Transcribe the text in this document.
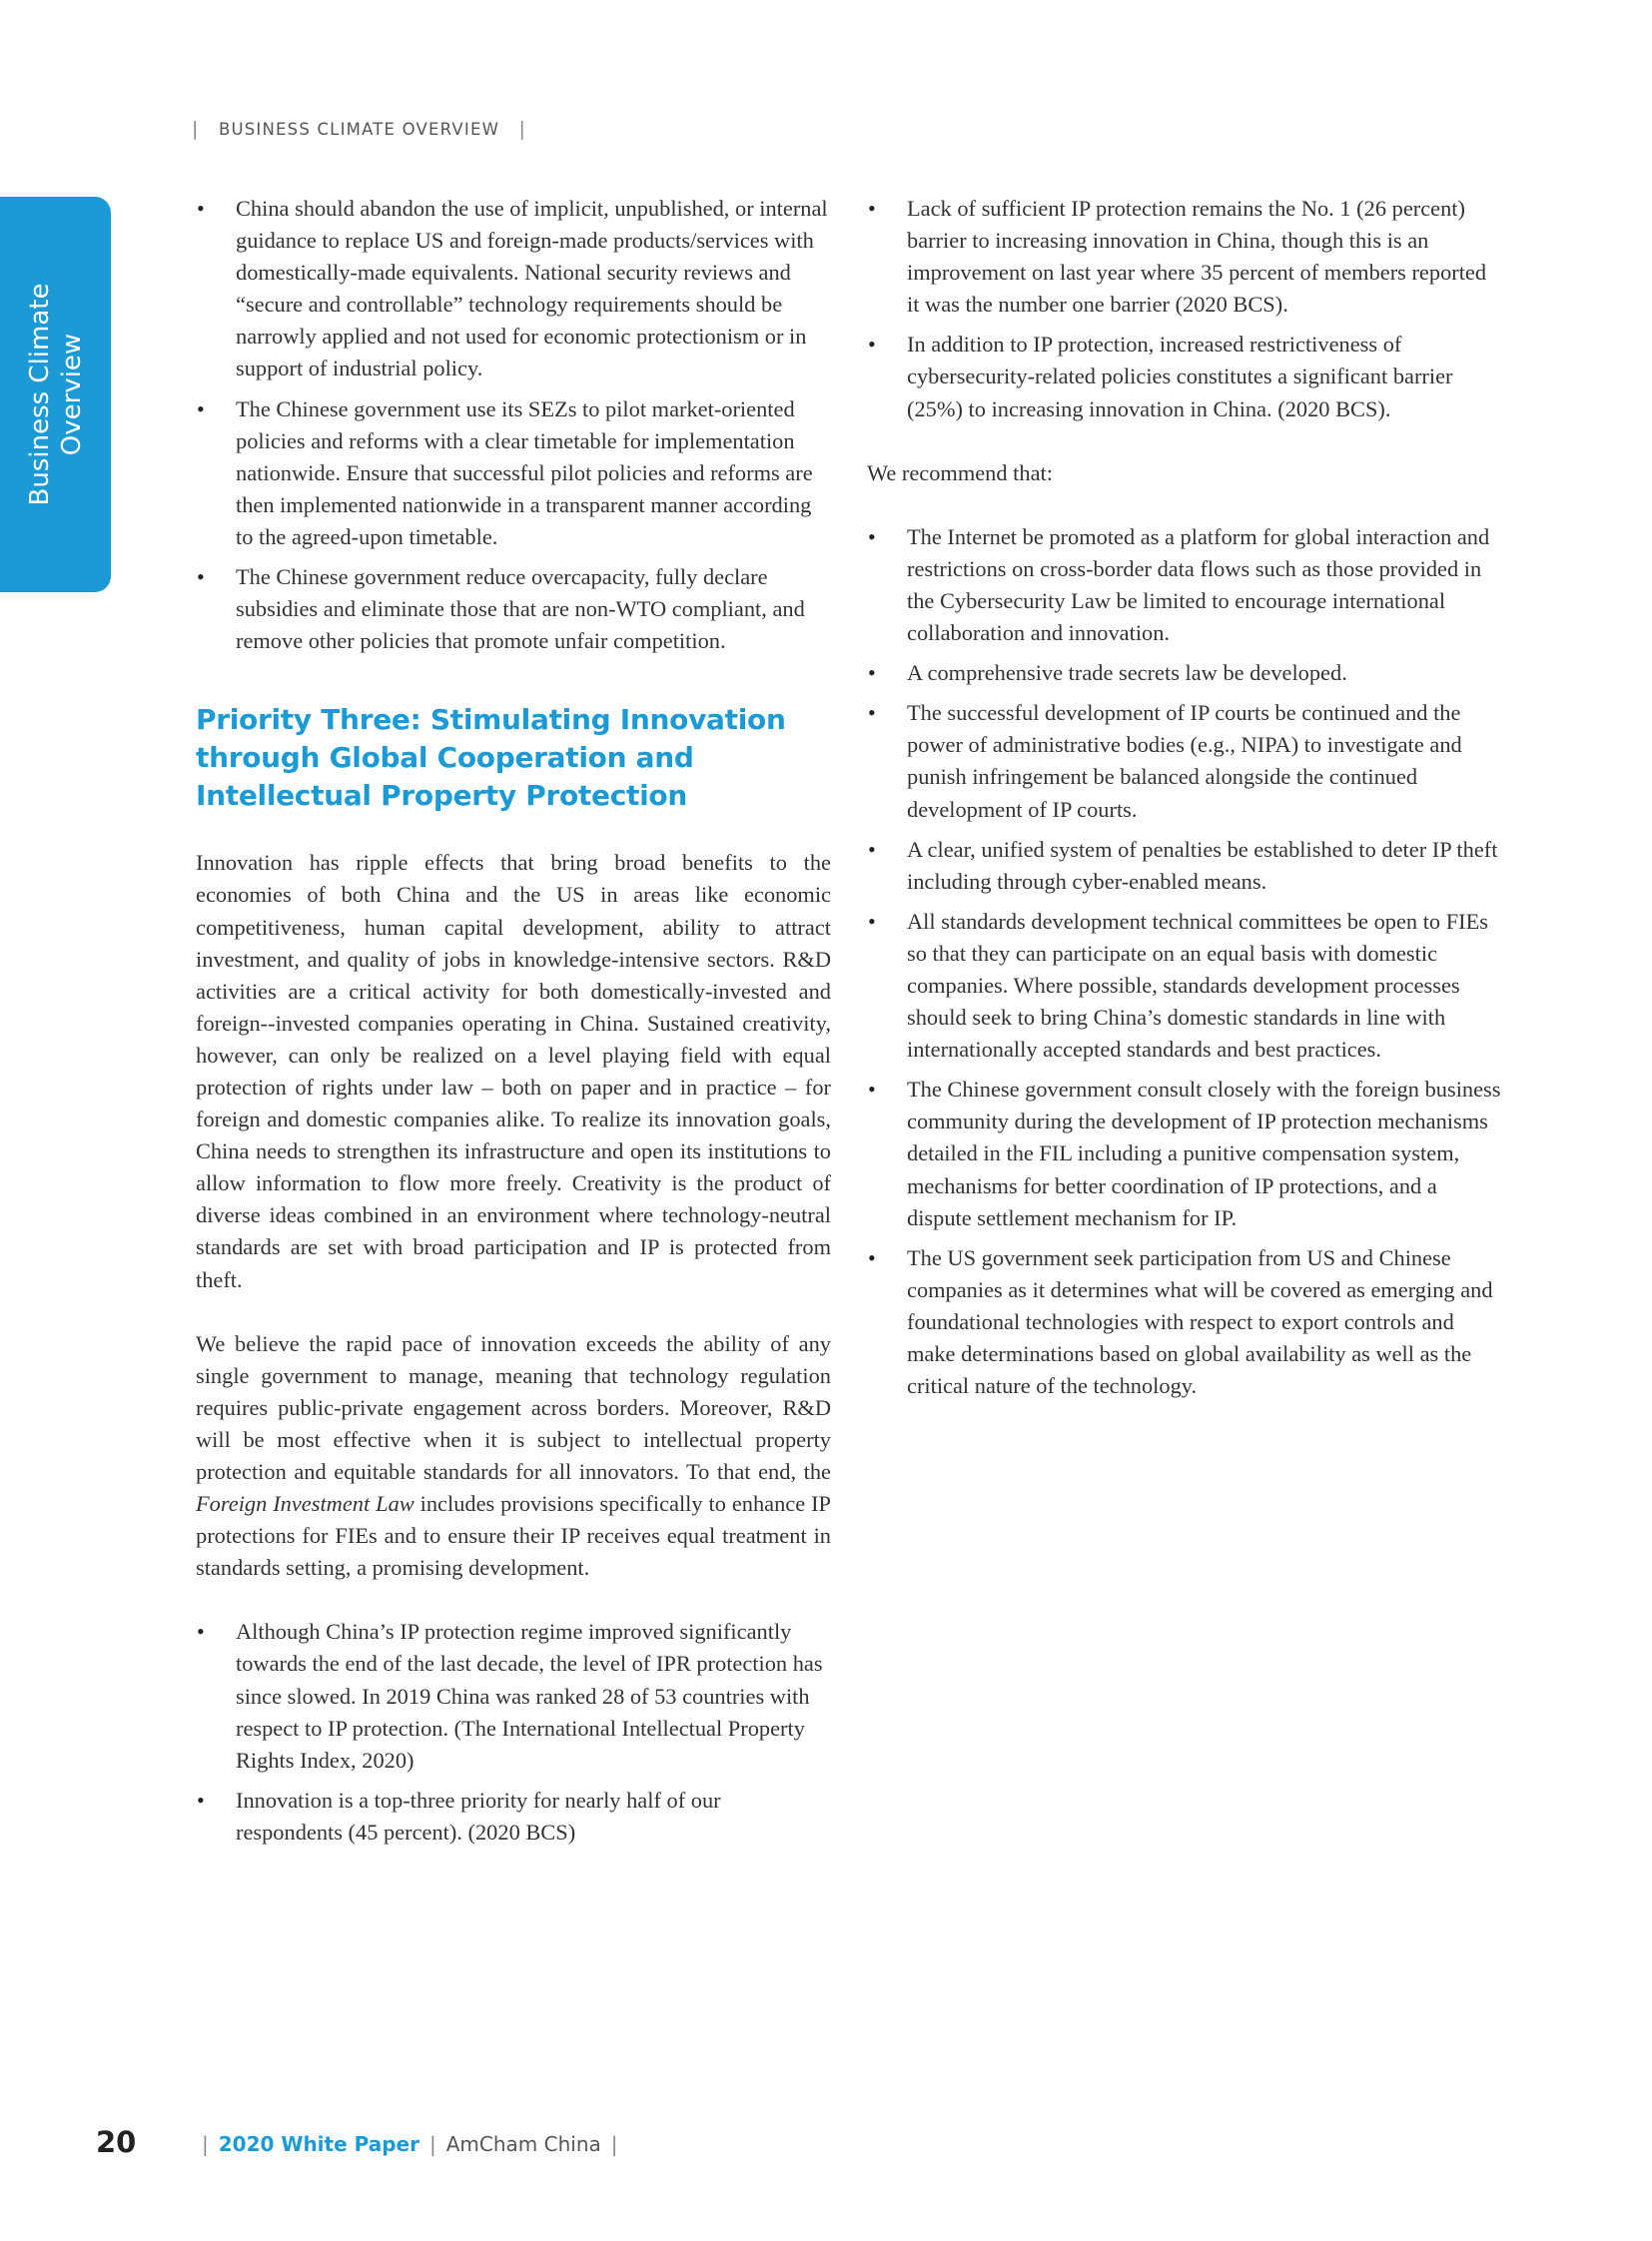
| BUSINESS CLIMATE OVERVIEW |
Business Climate Overview
• China should abandon the use of implicit, unpublished, or internal guidance to replace US and foreign-made products/services with domestically-made equivalents. National security reviews and “secure and controllable” technology requirements should be narrowly applied and not used for economic protectionism or in support of industrial policy.
• The Chinese government use its SEZs to pilot market-oriented policies and reforms with a clear timetable for implementation nationwide. Ensure that successful pilot policies and reforms are then implemented nationwide in a transparent manner according to the agreed-upon timetable.
• The Chinese government reduce overcapacity, fully declare subsidies and eliminate those that are non-WTO compliant, and remove other policies that promote unfair competition.
Priority Three: Stimulating Innovation through Global Cooperation and Intellectual Property Protection

Innovation has ripple effects that bring broad benefits to the economies of both China and the US in areas like economic competitiveness, human capital development, ability to attract investment, and quality of jobs in knowledge-intensive sectors. R&D activities are a critical activity for both domestically-invested and foreign--invested companies operating in China. Sustained creativity, however, can only be realized on a level playing field with equal protection of rights under law – both on paper and in practice – for foreign and domestic companies alike. To realize its innovation goals, China needs to strengthen its infrastructure and open its institutions to allow information to flow more freely. Creativity is the product of diverse ideas combined in an environment where technology-neutral standards are set with broad participation and IP is protected from theft.

We believe the rapid pace of innovation exceeds the ability of any single government to manage, meaning that technology regulation requires public-private engagement across borders. Moreover, R&D will be most effective when it is subject to intellectual property protection and equitable standards for all innovators. To that end, the Foreign Investment Law includes provisions specifically to enhance IP protections for FIEs and to ensure their IP receives equal treatment in standards setting, a promising development.

• Although China’s IP protection regime improved significantly towards the end of the last decade, the level of IPR protection has since slowed. In 2019 China was ranked 28 of 53 countries with respect to IP protection. (The International Intellectual Property Rights Index, 2020)
• Innovation is a top-three priority for nearly half of our respondents (45 percent). (2020 BCS)
• Lack of sufficient IP protection remains the No. 1 (26 percent) barrier to increasing innovation in China, though this is an improvement on last year where 35 percent of members reported it was the number one barrier (2020 BCS).
• In addition to IP protection, increased restrictiveness of cybersecurity-related policies constitutes a significant barrier (25%) to increasing innovation in China. (2020 BCS).

We recommend that:

• The Internet be promoted as a platform for global interaction and restrictions on cross-border data flows such as those provided in the Cybersecurity Law be limited to encourage international collaboration and innovation.
• A comprehensive trade secrets law be developed.
• The successful development of IP courts be continued and the power of administrative bodies (e.g., NIPA) to investigate and punish infringement be balanced alongside the continued development of IP courts.
• A clear, unified system of penalties be established to deter IP theft including through cyber-enabled means.
• All standards development technical committees be open to FIEs so that they can participate on an equal basis with domestic companies. Where possible, standards development processes should seek to bring China’s domestic standards in line with internationally accepted standards and best practices.
• The Chinese government consult closely with the foreign business community during the development of IP protection mechanisms detailed in the FIL including a punitive compensation system, mechanisms for better coordination of IP protections, and a dispute settlement mechanism for IP.
• The US government seek participation from US and Chinese companies as it determines what will be covered as emerging and foundational technologies with respect to export controls and make determinations based on global availability as well as the critical nature of the technology.
20	| 2020 White Paper | AmCham China |
